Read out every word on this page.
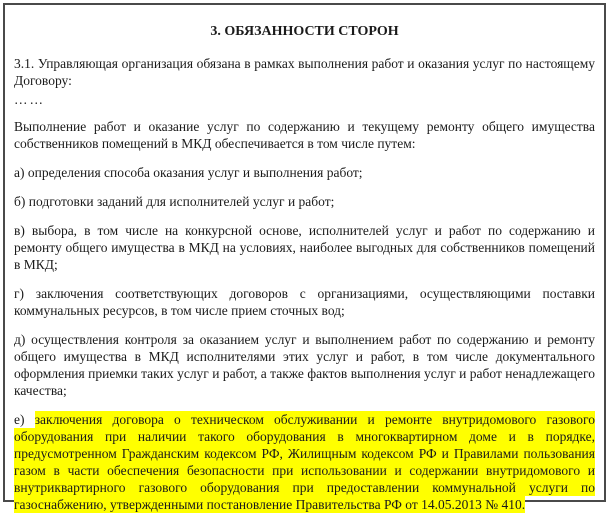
3. ОБЯЗАННОСТИ СТОРОН

3.1. Управляющая организация обязана в рамках выполнения работ и оказания услуг по настоящему Договору:

……

Выполнение работ и оказание услуг по содержанию и текущему ремонту общего имущества собственников помещений в МКД обеспечивается в том числе путем:

а) определения способа оказания услуг и выполнения работ;

б) подготовки заданий для исполнителей услуг и работ;

в) выбора, в том числе на конкурсной основе, исполнителей услуг и работ по содержанию и ремонту общего имущества в МКД на условиях, наиболее выгодных для собственников помещений в МКД;

г) заключения соответствующих договоров с организациями, осуществляющими поставки коммунальных ресурсов, в том числе прием сточных вод;

д) осуществления контроля за оказанием услуг и выполнением работ по содержанию и ремонту общего имущества в МКД исполнителями этих услуг и работ, в том числе документального оформления приемки таких услуг и работ, а также фактов выполнения услуг и работ ненадлежащего качества;

е) заключения договора о техническом обслуживании и ремонте внутридомового газового оборудования при наличии такого оборудования в многоквартирном доме и в порядке, предусмотренном Гражданским кодексом РФ, Жилищным кодексом РФ и Правилами пользования газом в части обеспечения безопасности при использовании и содержании внутридомового и внутриквартирного газового оборудования при предоставлении коммунальной услуги по газоснабжению, утвержденными постановление Правительства РФ от 14.05.2013 № 410.
